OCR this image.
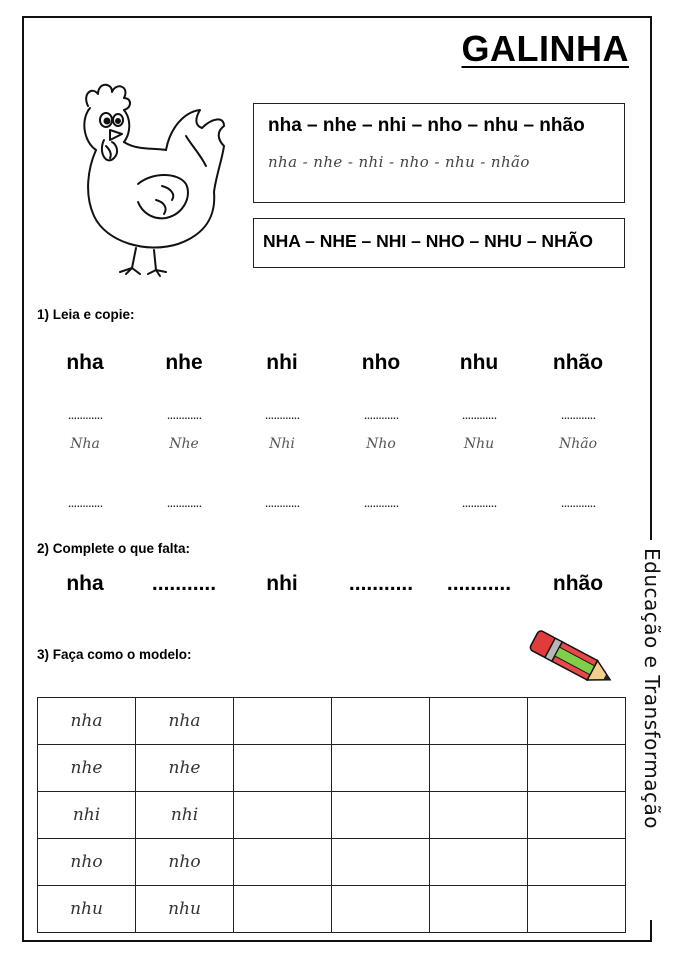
GALINHA
nha – nhe – nhi – nho – nhu – nhão
nha - nhe - nhi - nho - nhu - nhão
NHA – NHE – NHI – NHO – NHU – NHÃO
1) Leia e copie:
nha	nhe	nhi	nho	nhu	nhão
............	............	............	............	............	............
Nha	Nhe	Nhi	Nho	Nhu	Nhão
............	............	............	............	............	............
2) Complete o que falta:
nha	...........	nhi	...........	...........	nhão
3) Faça como o modelo:
nha	nha				
nhe	nhe				
nhi	nhi				
nho	nho				
nhu	nhu				
Educação e Transformação
